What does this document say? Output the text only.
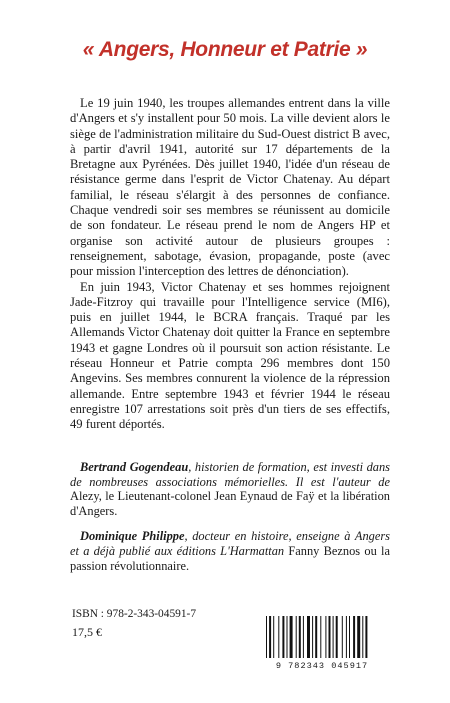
« Angers, Honneur et Patrie »

Le 19 juin 1940, les troupes allemandes entrent dans la ville d'Angers et s'y installent pour 50 mois. La ville devient alors le siège de l'administration militaire du Sud-Ouest district B avec, à partir d'avril 1941, autorité sur 17 départements de la Bretagne aux Pyrénées. Dès juillet 1940, l'idée d'un réseau de résistance germe dans l'esprit de Victor Chatenay. Au départ familial, le réseau s'élargit à des personnes de confiance. Chaque vendredi soir ses membres se réunissent au domicile de son fondateur. Le réseau prend le nom de Angers HP et organise son activité autour de plusieurs groupes : renseignement, sabotage, évasion, propagande, poste (avec pour mission l'interception des lettres de dénonciation).

En juin 1943, Victor Chatenay et ses hommes rejoignent Jade-Fitzroy qui travaille pour l'Intelligence service (MI6), puis en juillet 1944, le BCRA français. Traqué par les Allemands Victor Chatenay doit quitter la France en septembre 1943 et gagne Londres où il poursuit son action résistante. Le réseau Honneur et Patrie compta 296 membres dont 150 Angevins. Ses membres connurent la violence de la répression allemande. Entre septembre 1943 et février 1944 le réseau enregistre 107 arrestations soit près d'un tiers de ses effectifs, 49 furent déportés.

Bertrand Gogendeau, historien de formation, est investi dans de nombreuses associations mémorielles. Il est l'auteur de Alezy, le Lieutenant-colonel Jean Eynaud de Faÿ et la libération d'Angers.

Dominique Philippe, docteur en histoire, enseigne à Angers et a déjà publié aux éditions L'Harmattan Fanny Beznos ou la passion révolutionnaire.

ISBN : 978-2-343-04591-7
17,5 €
9 782343 045917
